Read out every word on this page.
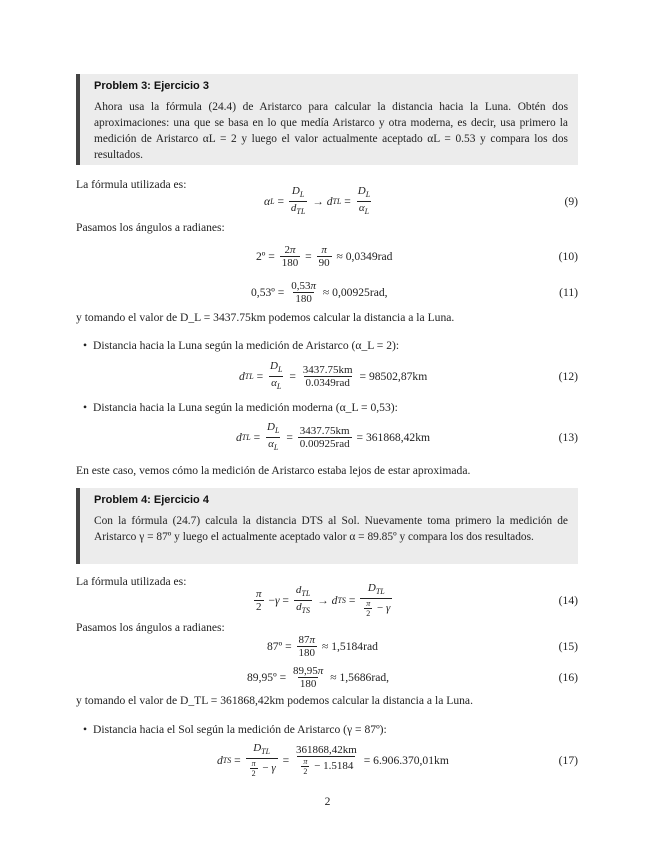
Problem 3: Ejercicio 3
Ahora usa la fórmula (24.4) de Aristarco para calcular la distancia hacia la Luna. Obtén dos aproximaciones: una que se basa en lo que medía Aristarco y otra moderna, es decir, usa primero la medición de Aristarco αL = 2 y luego el valor actualmente aceptado αL = 0.53 y compara los dos resultados.
La fórmula utilizada es:
α $L = \frac{D_L}{d_{TL}} \to d$ TL = $\frac{D_L}{\alpha_L}$	(9)
Pasamos los ángulos a radianes:
2º = $\frac{2\pi}{180} = \frac{\pi}{90} \approx 0,0349rad$	(10)
0,53º = $\frac{0,53\pi}{180} \approx 0,00925rad$,	(11)
y tomando el valor de D_L = 3437.75km podemos calcular la distancia a la Luna.
• Distancia hacia la Luna según la medición de Aristarco (α_L = 2):
d TL = $\frac{D_L}{\alpha_L} = \frac{3437.75km}{\text{0.0349rad}} = 98502,87km$	(12)
• Distancia hacia la Luna según la medición moderna (α_L = 0,53):
d TL = $\frac{D_L}{\alpha_L} = \frac{3437.75km}{\text{0.00925rad}} = 361868,42km$	(13)
En este caso, vemos cómo la medición de Aristarco estaba lejos de estar aproximada.
Problem 4: Ejercicio 4
Con la fórmula (24.7) calcula la distancia DTS al Sol. Nuevamente toma primero la medición de Aristarco γ = 87º y luego el actualmente aceptado valor α = 89.85º y compara los dos resultados.
La fórmula utilizada es:
$\frac{\pi}{2} - \gamma = \frac{d_{TL}}{d_{TS}} \to d$ TS = $\frac{D_{TL}}{\frac{\pi}{2} - \gamma}$	(14)
Pasamos los ángulos a radianes:
87º = $\frac{87\pi}{180} \approx 1,5184rad$	(15)
89,95º = $\frac{89,95\pi}{180} \approx 1,5686rad$,	(16)
y tomando el valor de D_TL = 361868,42km podemos calcular la distancia a la Luna.
• Distancia hacia el Sol según la medición de Aristarco (γ = 87º):
d TS = $\frac{D_{TL}}{\frac{\pi}{2} - \gamma} = \frac{361868,42km}{\frac{\pi}{2} - 1.5184} = 6.906.370,01km$	(17)
2
